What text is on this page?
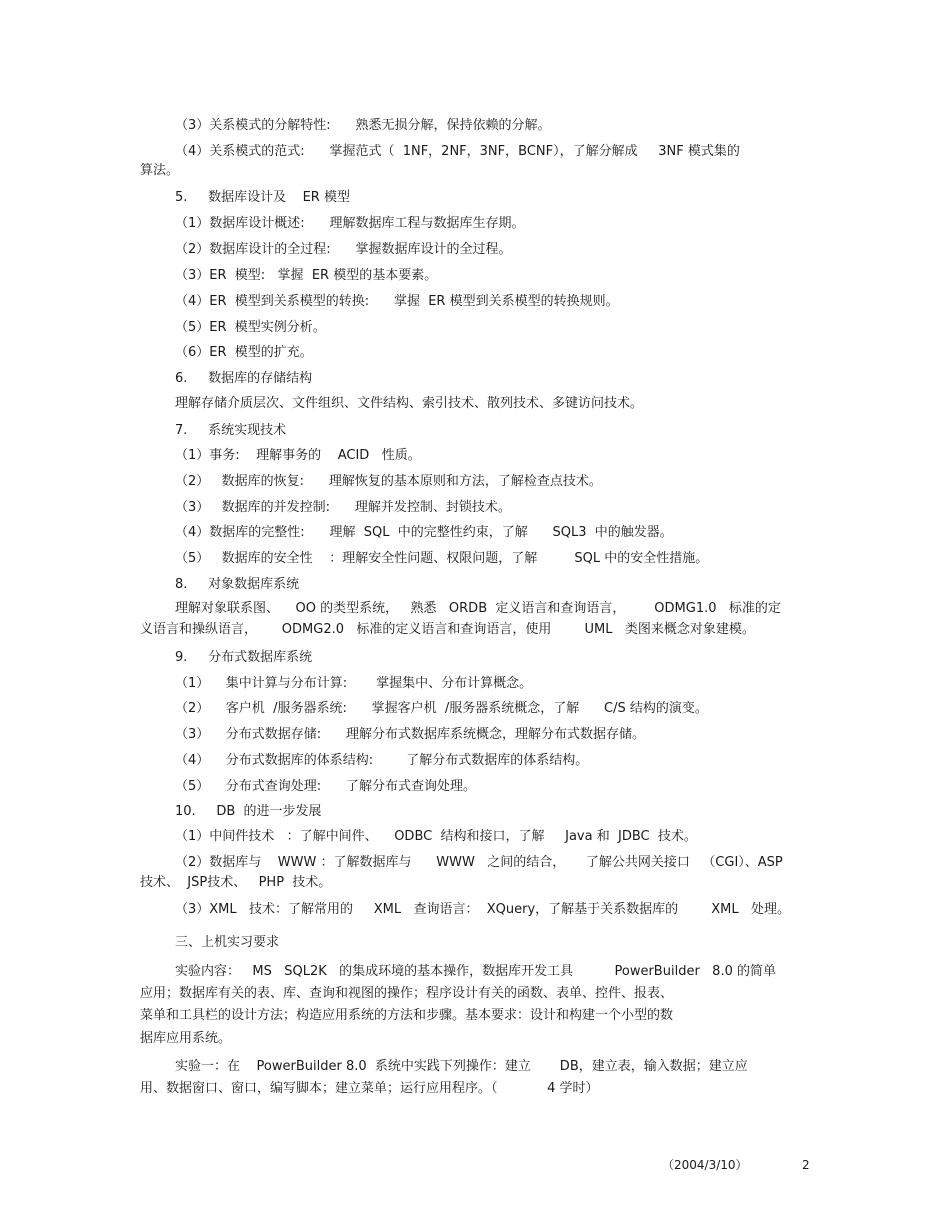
（3）关系模式的分解特性:      熟悉无损分解，保持依赖的分解。
（4）关系模式的范式:      掌握范式（  1NF，2NF，3NF，BCNF），了解分解成     3NF 模式集的
算法。
5.     数据库设计及    ER 模型
（1）数据库设计概述:      理解数据库工程与数据库生存期。
（2）数据库设计的全过程:      掌握数据库设计的全过程。
（3）ER  模型:   掌握  ER 模型的基本要素。
（4）ER  模型到关系模型的转换:      掌握  ER 模型到关系模型的转换规则。
（5）ER  模型实例分析。
（6）ER  模型的扩充。
6.     数据库的存储结构
理解存储介质层次、文件组织、文件结构、索引技术、散列技术、多键访问技术。
7.     系统实现技术
（1）事务:    理解事务的    ACID   性质。
（2）   数据库的恢复:      理解恢复的基本原则和方法，了解检查点技术。
（3）   数据库的并发控制:      理解并发控制、封锁技术。
（4）数据库的完整性:      理解  SQL  中的完整性约束，了解      SQL3  中的触发器。
（5）   数据库的安全性    ：理解安全性问题、权限问题，了解         SQL 中的安全性措施。
8.     对象数据库系统
理解对象联系图、    OO 的类型系统，   熟悉   ORDB  定义语言和查询语言，       ODMG1.0   标准的定
义语言和操纵语言，      ODMG2.0   标准的定义语言和查询语言，使用        UML   类图来概念对象建模。
9.     分布式数据库系统
（1）    集中计算与分布计算:       掌握集中、分布计算概念。
（2）    客户机  /服务器系统:      掌握客户机  /服务器系统概念，了解      C/S 结构的演变。
（3）    分布式数据存储:      理解分布式数据库系统概念，理解分布式数据存储。
（4）    分布式数据库的体系结构:        了解分布式数据库的体系结构。
（5）    分布式查询处理:      了解分布式查询处理。
10.     DB  的进一步发展
（1）中间件技术   ：了解中间件、    ODBC  结构和接口，了解     Java 和  JDBC  技术。
（2）数据库与    WWW ：了解数据库与      WWW   之间的结合，     了解公共网关接口   （CGI）、ASP
技术、  JSP技术、   PHP  技术。
（3）XML   技术：了解常用的     XML   查询语言：  XQuery，了解基于关系数据库的        XML   处理。
三、上机实习要求
实验内容：   MS   SQL2K   的集成环境的基本操作，数据库开发工具          PowerBuilder   8.0 的简单
应用；数据库有关的表、库、查询和视图的操作；程序设计有关的函数、表单、控件、报表、
菜单和工具栏的设计方法；构造应用系统的方法和步骤。基本要求：设计和构建一个小型的数
据库应用系统。
实验一：在    PowerBuilder 8.0  系统中实践下列操作：建立       DB，建立表，输入数据；建立应
用、数据窗口、窗口，编写脚本；建立菜单；运行应用程序。（            4 学时）
（2004/3/10）	2
